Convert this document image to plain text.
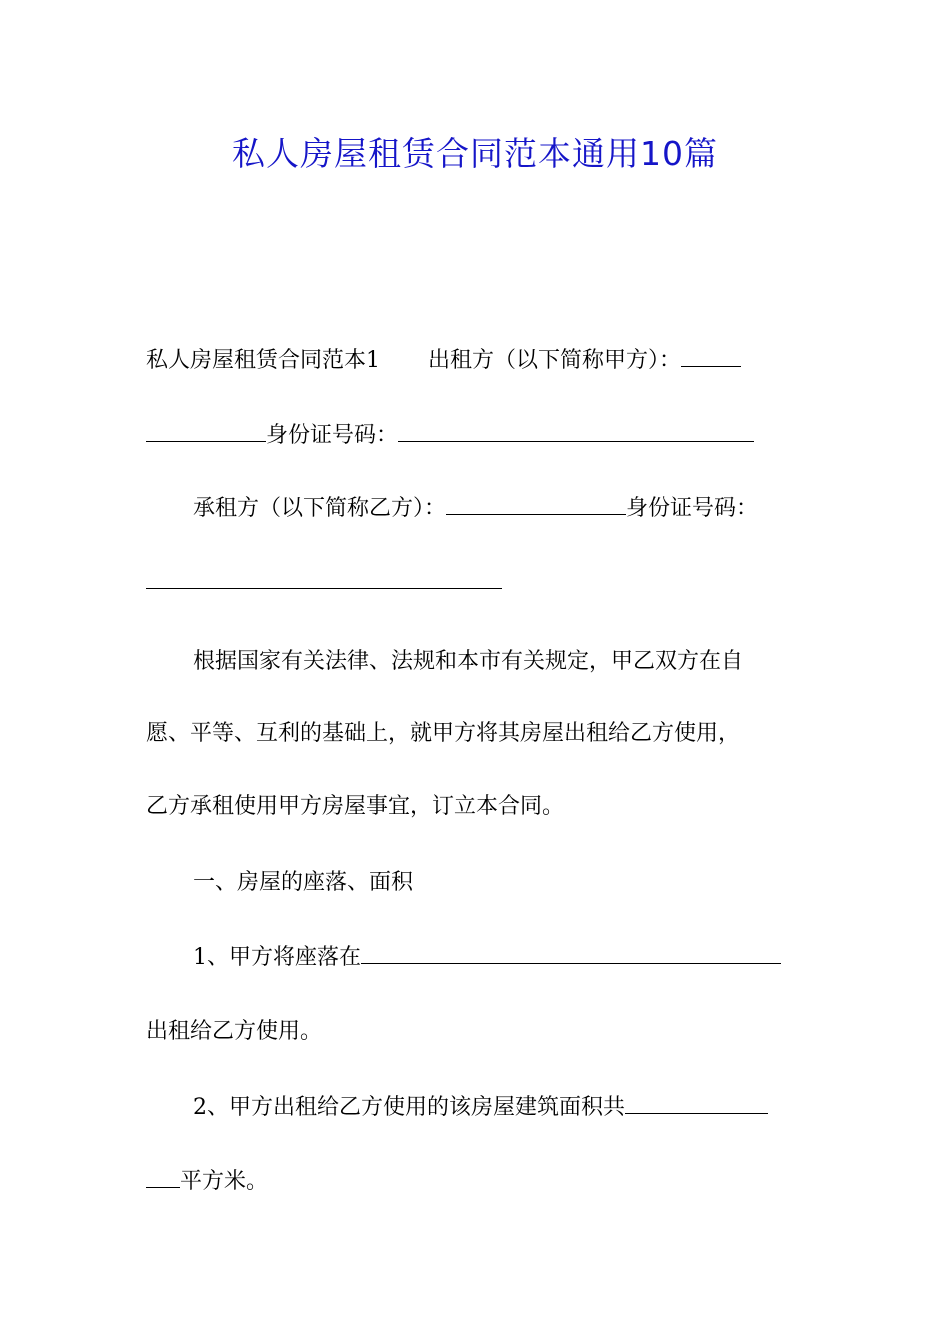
私人房屋租赁合同范本通用10篇
私人房屋租赁合同范本1 出租方（以下简称甲方）：
身份证号码：
承租方（以下简称乙方）：	身份证号码：
根据国家有关法律、法规和本市有关规定，甲乙双方在自
愿、平等、互利的基础上，就甲方将其房屋出租给乙方使用，
乙方承租使用甲方房屋事宜，订立本合同。
一、房屋的座落、面积
1、甲方将座落在
出租给乙方使用。
2、甲方出租给乙方使用的该房屋建筑面积共
平方米。
